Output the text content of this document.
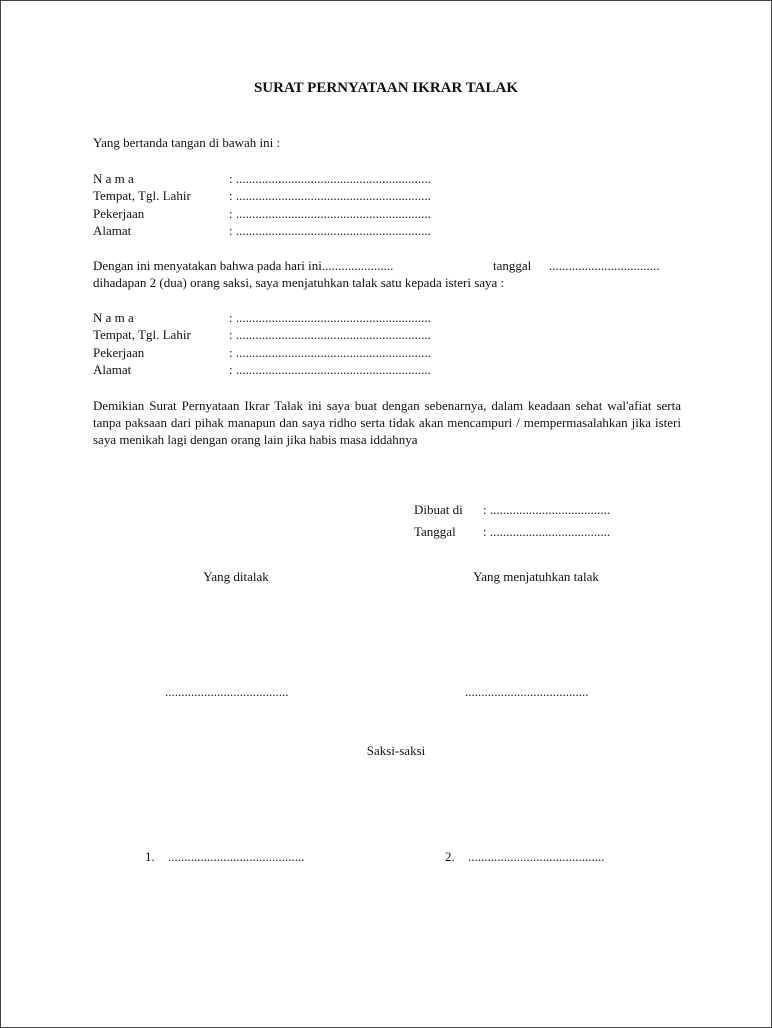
SURAT PERNYATAAN IKRAR TALAK
Yang bertanda tangan di bawah ini :
N a m a	: ............................................................
Tempat, Tgl. Lahir	: ............................................................
Pekerjaan	: ............................................................
Alamat	: ............................................................
Dengan ini menyatakan bahwa pada hari ini......................	tanggal ..................................
dihadapan 2 (dua) orang saksi, saya menjatuhkan talak satu kepada isteri saya :
N a m a	: ............................................................
Tempat, Tgl. Lahir	: ............................................................
Pekerjaan	: ............................................................
Alamat	: ............................................................
Demikian Surat Pernyataan Ikrar Talak ini saya buat dengan sebenarnya, dalam keadaan sehat wal'afiat serta tanpa paksaan dari pihak manapun dan saya ridho serta tidak akan mencampuri / mempermasalahkan jika isteri saya menikah lagi dengan orang lain jika habis masa iddahnya
Dibuat di : .....................................
Tanggal : .....................................
Yang ditalak	Yang menjatuhkan talak
......................................	......................................
Saksi-saksi
1. ..........................................	2. ..........................................
